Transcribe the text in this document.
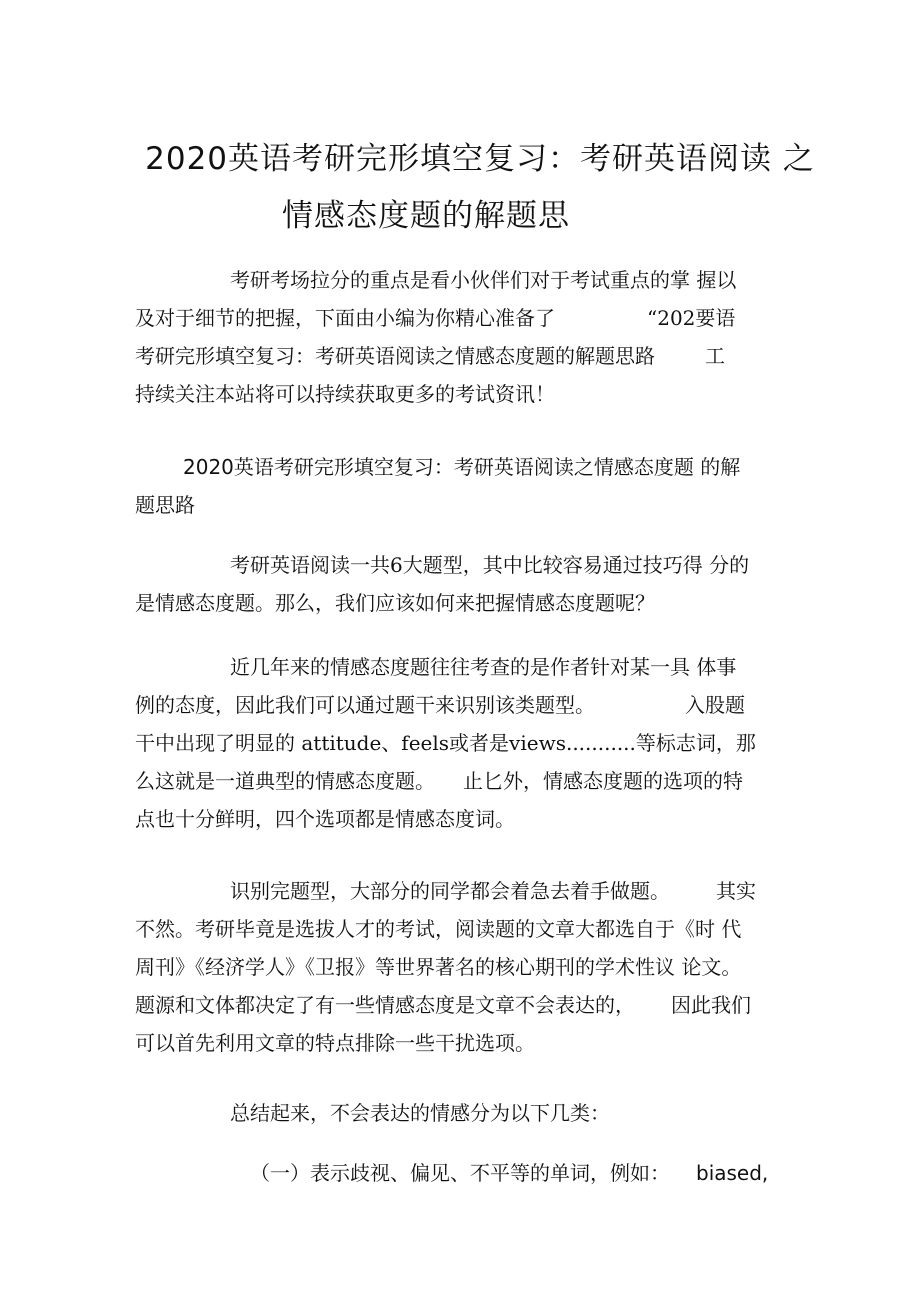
2020英语考研完形填空复习：考研英语阅读 之
情感态度题的解题思
考研考场拉分的重点是看小伙伴们对于考试重点的掌 握以
及对于细节的把握，下面由小编为你精心准备了	“202要语
考研完形填空复习：考研英语阅读之情感态度题的解题思路	工
持续关注本站将可以持续获取更多的考试资讯！
2020英语考研完形填空复习：考研英语阅读之情感态度题 的解
题思路
考研英语阅读一共6大题型，其中比较容易通过技巧得 分的
是情感态度题。那么，我们应该如何来把握情感态度题呢？
近几年来的情感态度题往往考查的是作者针对某一具 体事
例的态度，因此我们可以通过题干来识别该类题型。	入股题
干中出现了明显的 attitude、feels或者是views...........等标志词，那
么这就是一道典型的情感态度题。 止匕外，情感态度题的选项的特
点也十分鲜明，四个选项都是情感态度词。
识别完题型，大部分的同学都会着急去着手做题。 其实
不然。考研毕竟是选拔人才的考试，阅读题的文章大都选自于《时 代
周刊》《经济学人》《卫报》等世界著名的核心期刊的学术性议 论文。
题源和文体都决定了有一些情感态度是文章不会表达的， 因此我们
可以首先利用文章的特点排除一些干扰选项。
总结起来，不会表达的情感分为以下几类：
（一）表示歧视、偏见、不平等的单词，例如： biased,
